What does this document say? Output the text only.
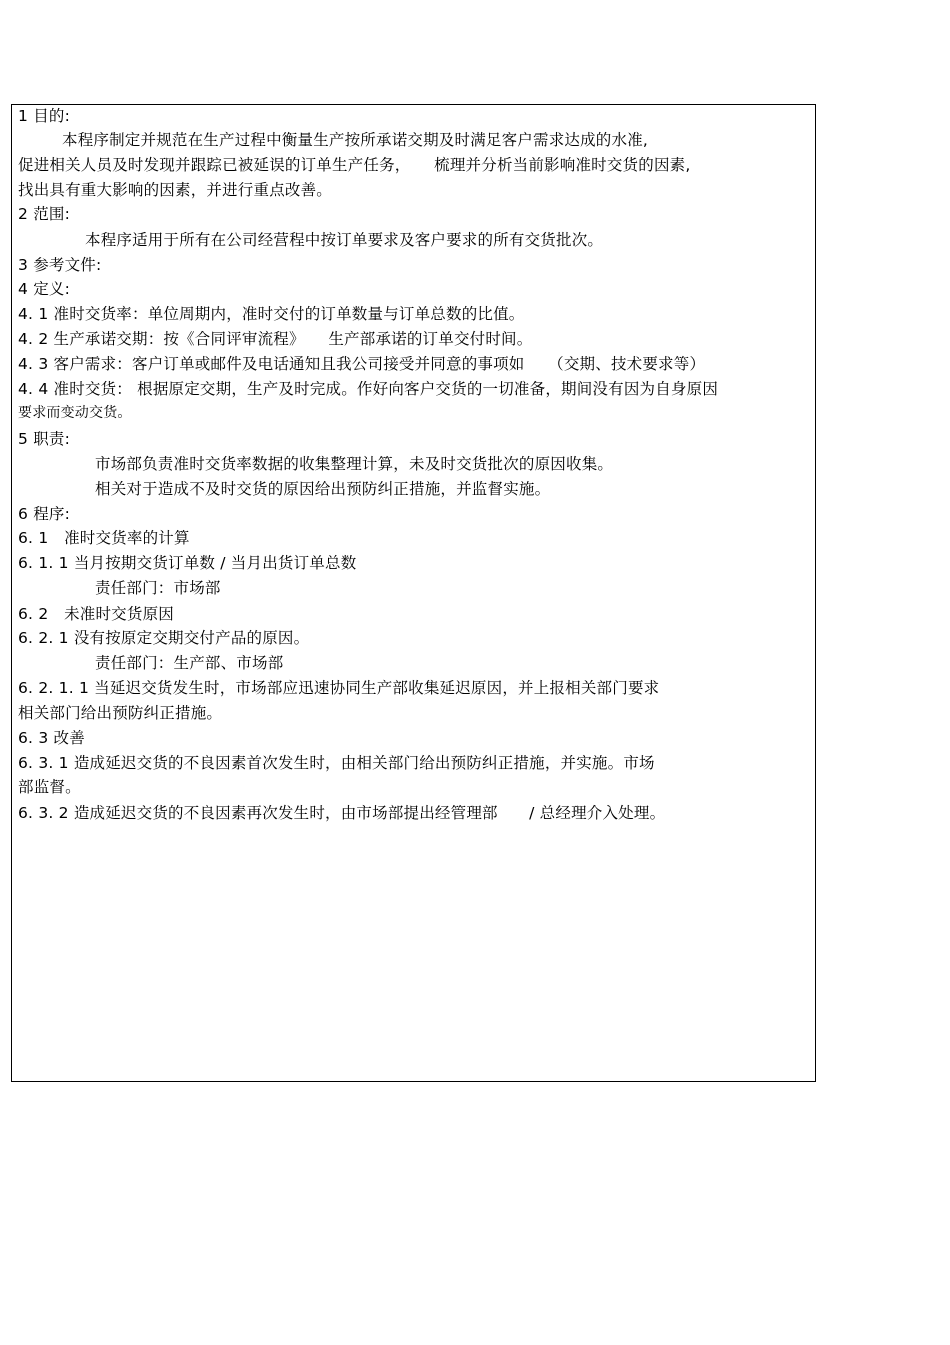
1 目的:
本程序制定并规范在生产过程中衡量生产按所承诺交期及时满足客户需求达成的水准,
促进相关人员及时发现并跟踪已被延误的订单生产任务，　　梳理并分析当前影响准时交货的因素,
找出具有重大影响的因素，并进行重点改善。
2 范围:
本程序适用于所有在公司经营程中按订单要求及客户要求的所有交货批次。
3 参考文件:
4 定义:
4. 1 准时交货率：单位周期内，准时交付的订单数量与订单总数的比值。
4. 2 生产承诺交期：按《合同评审流程》　　生产部承诺的订单交付时间。
4. 3 客户需求：客户订单或邮件及电话通知且我公司接受并同意的事项如　　（交期、技术要求等）
4. 4 准时交货： 根据原定交期，生产及时完成。作好向客户交货的一切准备，期间没有因为自身原因
要求而变动交货。
5 职责:
市场部负责准时交货率数据的收集整理计算，未及时交货批次的原因收集。
相关对于造成不及时交货的原因给出预防纠正措施，并监督实施。
6 程序:
6. 1　准时交货率的计算
6. 1. 1 当月按期交货订单数 / 当月出货订单总数
责任部门：市场部
6. 2　未准时交货原因
6. 2. 1 没有按原定交期交付产品的原因。
责任部门：生产部、市场部
6. 2. 1. 1 当延迟交货发生时，市场部应迅速协同生产部收集延迟原因，并上报相关部门要求
相关部门给出预防纠正措施。
6. 3 改善
6. 3. 1 造成延迟交货的不良因素首次发生时，由相关部门给出预防纠正措施，并实施。市场
部监督。
6. 3. 2 造成延迟交货的不良因素再次发生时，由市场部提出经管理部　　/ 总经理介入处理。
